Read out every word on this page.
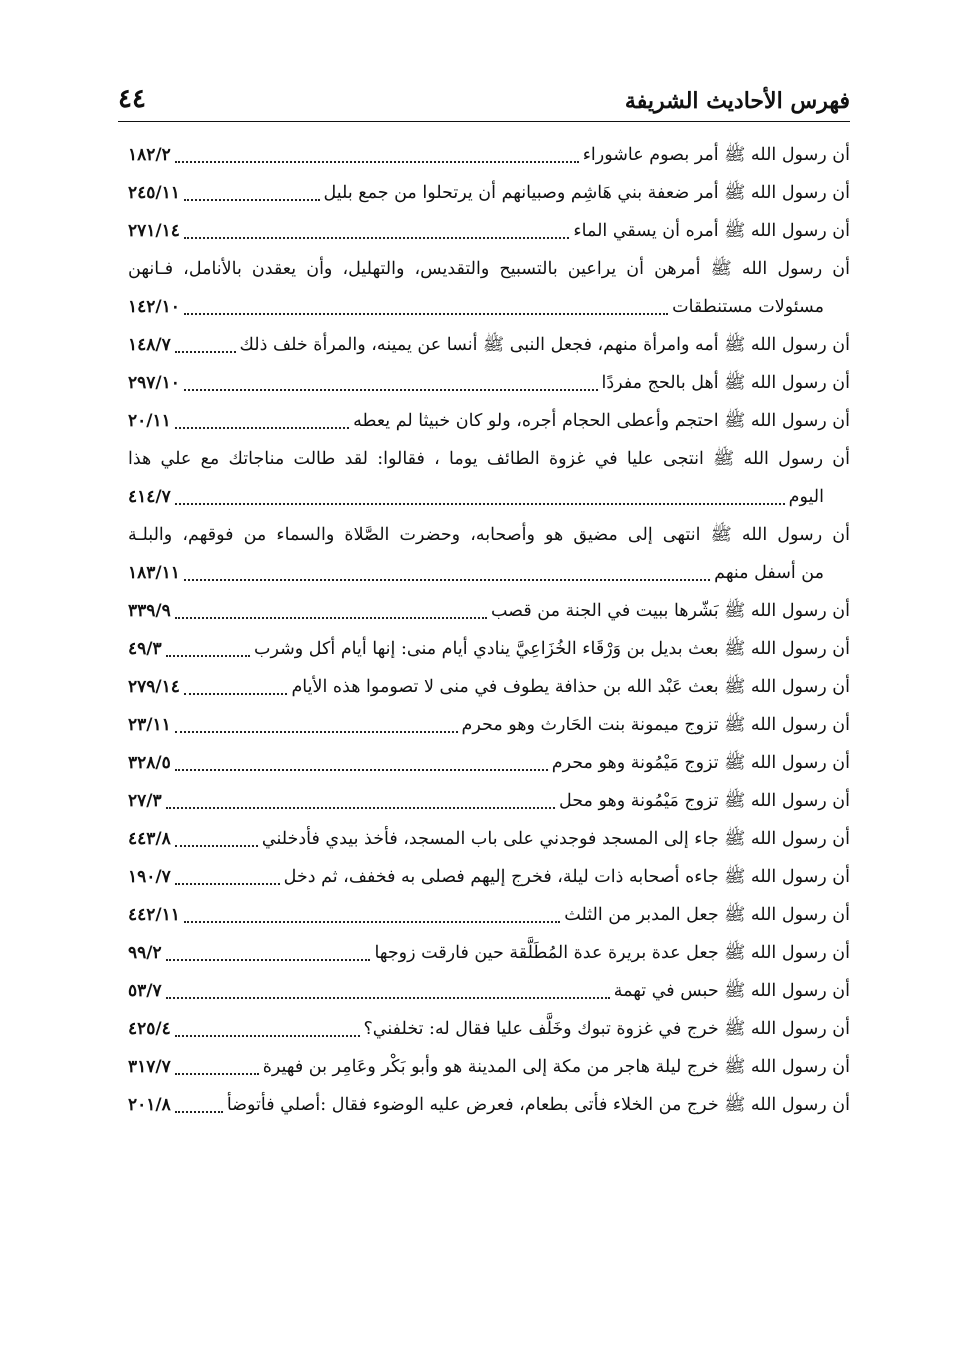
فهرس الأحاديث الشريفة
٤٤
أن رسول الله ﷺ أمر بصوم عاشوراء
١٨٢/٢
أن رسول الله ﷺ أمر ضعفة بني هَاشِم وصبيانهم أن يرتحلوا من جمع بليل
٢٤٥/١١
أن رسول الله ﷺ أمره أن يسقي الماء
٢٧١/١٤
أن رسول الله ﷺ أمرهن أن يراعين بالتسبيح والتقديس، والتهليل، وأن يعقدن بالأنامل، فـانهن
مسئولات مستنطقات
١٤٢/١٠
أن رسول الله ﷺ أمه وامرأة منهم، فجعل النبى ﷺ أنسا عن يمينه، والمرأة خلف ذلك
١٤٨/٧
أن رسول الله ﷺ أهل بالحج مفردًا
٢٩٧/١٠
أن رسول الله ﷺ احتجم وأعطى الحجام أجره، ولو كان خبيثا لم يعطه
٢٠/١١
أن رسول الله ﷺ انتجى عليا في غزوة الطائف يوما ، فقالوا: لقد طالت مناجاتك مع علي هذا
اليوم
٤١٤/٧
أن رسول الله ﷺ انتهى إلى مضيق هو وأصحابه، وحضرت الصَّلاة والسماء من فوقهم، والبلـة
من أسفل منهم
١٨٣/١١
أن رسول الله ﷺ بَشّرها ببيت في الجنة من قصب
٣٣٩/٩
أن رسول الله ﷺ بعث بديل بن وَرْقَاء الخُزَاعِيَّ ينادي أيام منى: إنها أيام أكل وشرب
٤٩/٣
أن رسول الله ﷺ بعث عَبْد الله بن حذافة يطوف في منى لا تصوموا هذه الأيام
٢٧٩/١٤
أن رسول الله ﷺ تزوج ميمونة بنت الحَارث وهو محرم
٢٣/١١
أن رسول الله ﷺ تزوج مَيْمُونة وهو محرم
٣٢٨/٥
أن رسول الله ﷺ تزوج مَيْمُونة وهو محل
٢٧/٣
أن رسول الله ﷺ جاء إلى المسجد فوجدني على باب المسجد، فأخذ بيدي فأدخلني
٤٤٣/٨
أن رسول الله ﷺ جاءه أصحابه ذات ليلة، فخرج إليهم فصلى به فخفف، ثم دخل
١٩٠/٧
أن رسول الله ﷺ جعل المدبر من الثلث
٤٤٢/١١
أن رسول الله ﷺ جعل عدة بريرة عدة المُطَلَّقة حين فارقت زوجها
٩٩/٢
أن رسول الله ﷺ حبس في تهمة
٥٣/٧
أن رسول الله ﷺ خرج في غزوة تبوك وخَلَّف عليا فقال له: تخلفني؟
٤٢٥/٤
أن رسول الله ﷺ خرج ليلة هاجر من مكة إلى المدينة هو وأبو بَكْر وعَامِر بن فهيرة
٣١٧/٧
أن رسول الله ﷺ خرج من الخلاء فأتى بطعام، فعرض عليه الوضوء فقال :أصلي فأتوضأ
٢٠١/٨
